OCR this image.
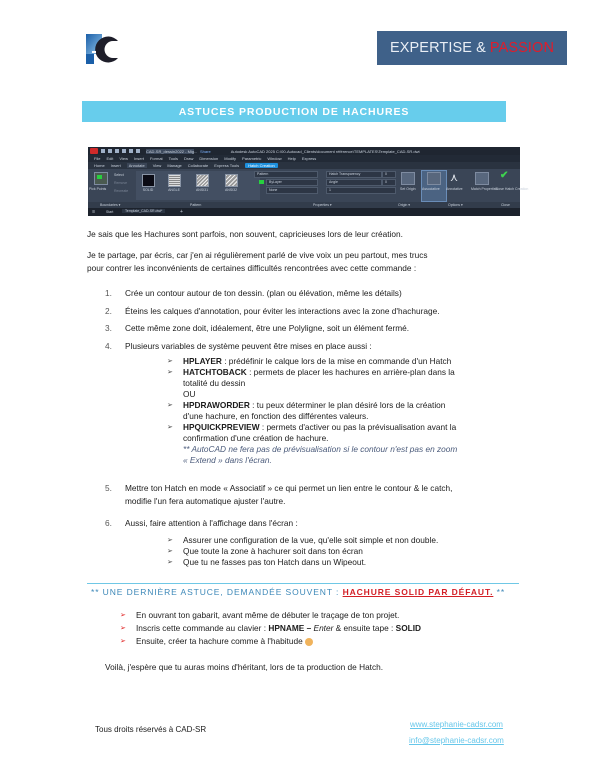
EXPERTISE & PASSION
ASTUCES PRODUCTION DE HACHURES
CAD-SR_dessin2022 - Mig... Share	Autodesk AutoCAD 2025 C:\00-Autocad_Clients\document référence\TEMPLATES\Template_CAD-SR.dwt
File Edit View Insert Format Tools Draw Dimension Modify Parametric Window Help Express
Home Insert	Annotate	View Manage Collaborate Express Tools	Hatch Creation
Pick Points
Select
Remove
Recreate
Boundaries ▾
SOLID	ANGLE	ANSI31	ANSI32
Pattern
Pattern
ByLayer
None
Hatch Transparency	0
Angle	0
1
Properties ▾
Set Origin
Origin ▾
Associative
⋏
Annotative Match Properties
Options ▾
✔
Close Hatch Creation
Close
☰	Start	Template_CAD-SR.dwt*	+
Je sais que les Hachures sont parfois, non souvent, capricieuses lors de leur création.
Je te partage, par écris, car j'en ai régulièrement parlé de vive voix un peu partout, mes trucs
pour contrer les inconvénients de certaines difficultés rencontrées avec cette commande :
1. Crée un contour autour de ton dessin. (plan ou élévation, même les détails)
2. Éteins les calques d'annotation, pour éviter les interactions avec la zone d'hachurage.
3. Cette même zone doit, idéalement, être une Polyligne, soit un élément fermé.
4. Plusieurs variables de système peuvent être mises en place aussi :
➢	HPLAYER : prédéfinir le calque lors de la mise en commande d'un Hatch
➢	HATCHTOBACK : permets de placer les hachures en arrière-plan dans la
totalité du dessin
OU
➢	HPDRAWORDER : tu peux déterminer le plan désiré lors de la création
d'une hachure, en fonction des différentes valeurs.
➢	HPQUICKPREVIEW : permets d'activer ou pas la prévisualisation avant la
confirmation d'une création de hachure.
** AutoCAD ne fera pas de prévisualisation si le contour n'est pas en zoom
« Extend » dans l'écran.
5. Mettre ton Hatch en mode « Associatif » ce qui permet un lien entre le contour & le catch,
modifie l'un fera automatique ajuster l'autre.
6. Aussi, faire attention à l'affichage dans l'écran :
➢	Assurer une configuration de la vue, qu'elle soit simple et non double.
➢	Que toute la zone à hachurer soit dans ton écran
➢	Que tu ne fasses pas ton Hatch dans un Wipeout.
** UNE DERNIÈRE ASTUCE, DEMANDÉE SOUVENT : HACHURE SOLID PAR DÉFAUT. **
➢	En ouvrant ton gabarit, avant même de débuter le traçage de ton projet.
➢	Inscris cette commande au clavier : HPNAME – Enter & ensuite tape : SOLID
➢	Ensuite, créer ta hachure comme à l'habitude
Voilà, j'espère que tu auras moins d'héritant, lors de ta production de Hatch.
Tous droits réservés à CAD-SR
www.stephanie-cadsr.com
info@stephanie-cadsr.com
